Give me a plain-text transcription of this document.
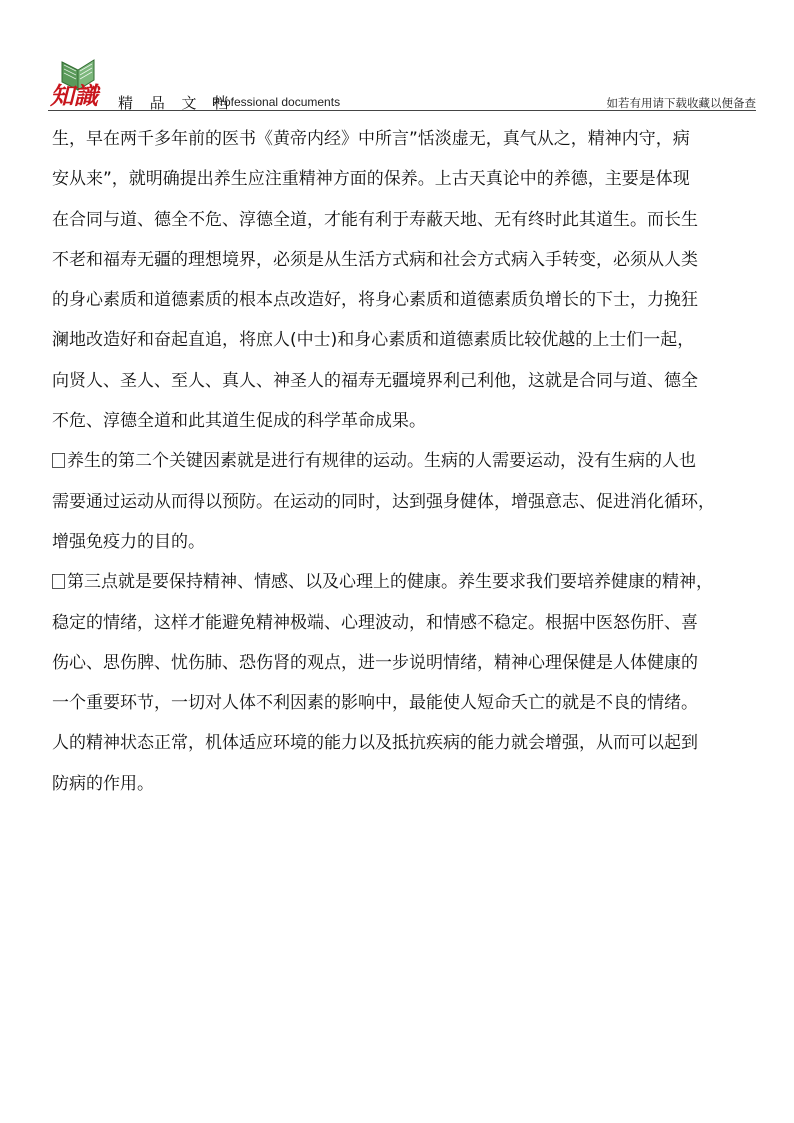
知識 精 品 文 档
Professional documents	如若有用请下载收藏以便备查
生，早在两千多年前的医书《黄帝内经》中所言”恬淡虚无，真气从之，精神内守，病
安从来”，就明确提出养生应注重精神方面的保养。上古天真论中的养德，主要是体现
在合同与道、德全不危、淳德全道，才能有利于寿蔽天地、无有终时此其道生。而长生
不老和福寿无疆的理想境界，必须是从生活方式病和社会方式病入手转变，必须从人类
的身心素质和道德素质的根本点改造好，将身心素质和道德素质负增长的下士，力挽狂
澜地改造好和奋起直追，将庶人(中士)和身心素质和道德素质比较优越的上士们一起，
向贤人、圣人、至人、真人、神圣人的福寿无疆境界利己利他，这就是合同与道、德全
不危、淳德全道和此其道生促成的科学革命成果。
养生的第二个关键因素就是进行有规律的运动。生病的人需要运动，没有生病的人也
需要通过运动从而得以预防。在运动的同时，达到强身健体，增强意志、促进消化循环，
增强免疫力的目的。
第三点就是要保持精神、情感、以及心理上的健康。养生要求我们要培养健康的精神，
稳定的情绪，这样才能避免精神极端、心理波动，和情感不稳定。根据中医怒伤肝、喜
伤心、思伤脾、忧伤肺、恐伤肾的观点，进一步说明情绪，精神心理保健是人体健康的
一个重要环节，一切对人体不利因素的影响中，最能使人短命夭亡的就是不良的情绪。
人的精神状态正常，机体适应环境的能力以及抵抗疾病的能力就会增强，从而可以起到
防病的作用。
